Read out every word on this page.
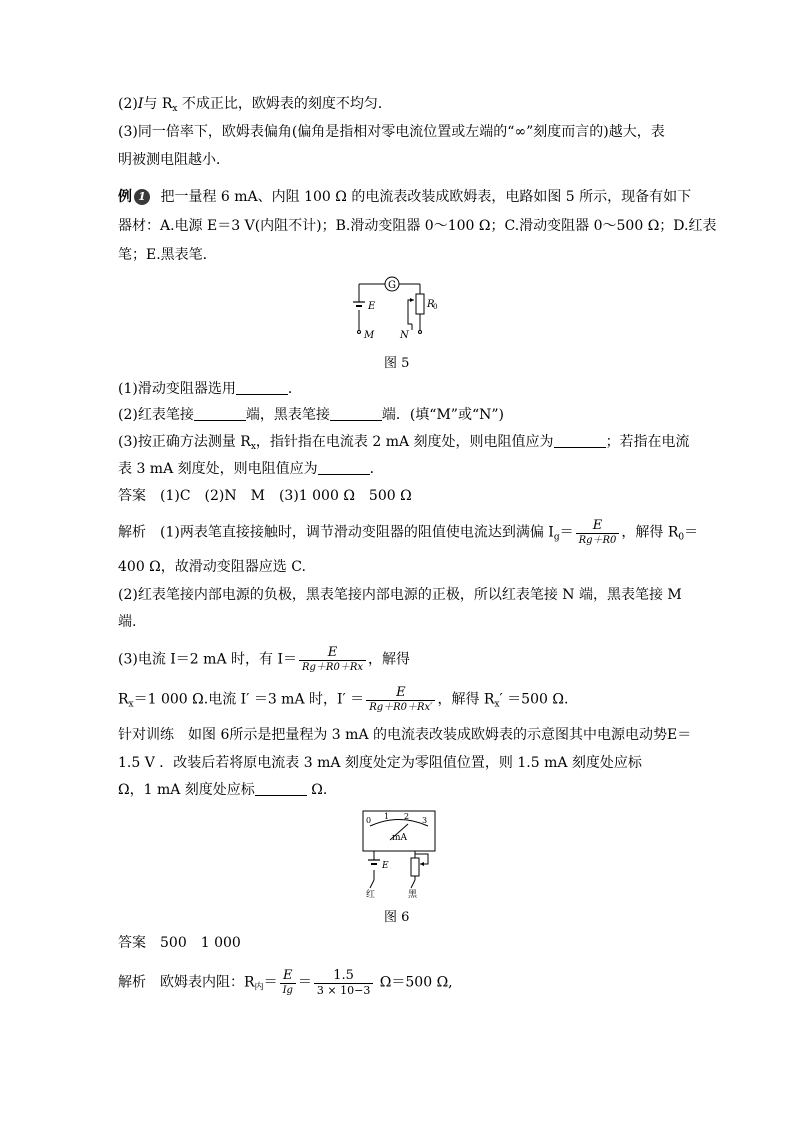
(2)I与 $R_x$ 不成正比，欧姆表的刻度不均匀．
(3)同一倍率下，欧姆表偏角(偏角是指相对零电流位置或左端的“∞”刻度而言的)越大，表
明被测电阻越小．
例 1 把一量程 6 mA、内阻 100 Ω 的电流表改装成欧姆表，电路如图 5 所示，现备有如下
器材：A.电源 E＝3 V(内阻不计)；B.滑动变阻器 0～100 Ω；C.滑动变阻器 0～500 Ω；D.红表
笔；E.黑表笔．
G
E	R
0
M	N
图 5
(1)滑动变阻器选用	．
(2)红表笔接	端，黑表笔接	端．(填“M”或“N”)
(3)按正确方法测量 $R_x$，指针指在电流表 2 mA 刻度处，则电阻值应为	；若指在电流
表 3 mA 刻度处，则电阻值应为	．
答案 (1)C　(2)N　M　(3)1 000 Ω　500 Ω
解析 (1)两表笔直接接触时，调节滑动变阻器的阻值使电流达到满偏 $I_g= \frac{E}{Rg+R0}$ ，解得 $R_0=$
400 Ω，故滑动变阻器应选 C.
(2)红表笔接内部电源的负极，黑表笔接内部电源的正极，所以红表笔接 N 端，黑表笔接 M
端.
(3)电流 I＝2 mA 时，有 $I= \frac{E}{Rg+R0+Rx}$ ，解得
$R_x=1$ 000 Ω.电流 I′ ＝3 mA 时，$I' = \frac{E}{Rg+R0+Rx'}$ ，解得 $R_x' =500$ Ω.
针对训练　如图 6所示是把量程为 3 mA 的电流表改装成欧姆表的示意图其中电源电动势E＝
1.5 V ．改装后若将原电流表 3 mA 刻度处定为零阻值位置，则 1.5 mA 刻度处应标
Ω，1 mA 刻度处应标	Ω.
0 1 2 3
mA
E
红	黑
图 6
答案 500　1 000
解析 欧姆表内阻：$R_内= \frac{E}{Ig} = \frac{1.5}{3 \times 10-3} \Omega=500$ Ω,
